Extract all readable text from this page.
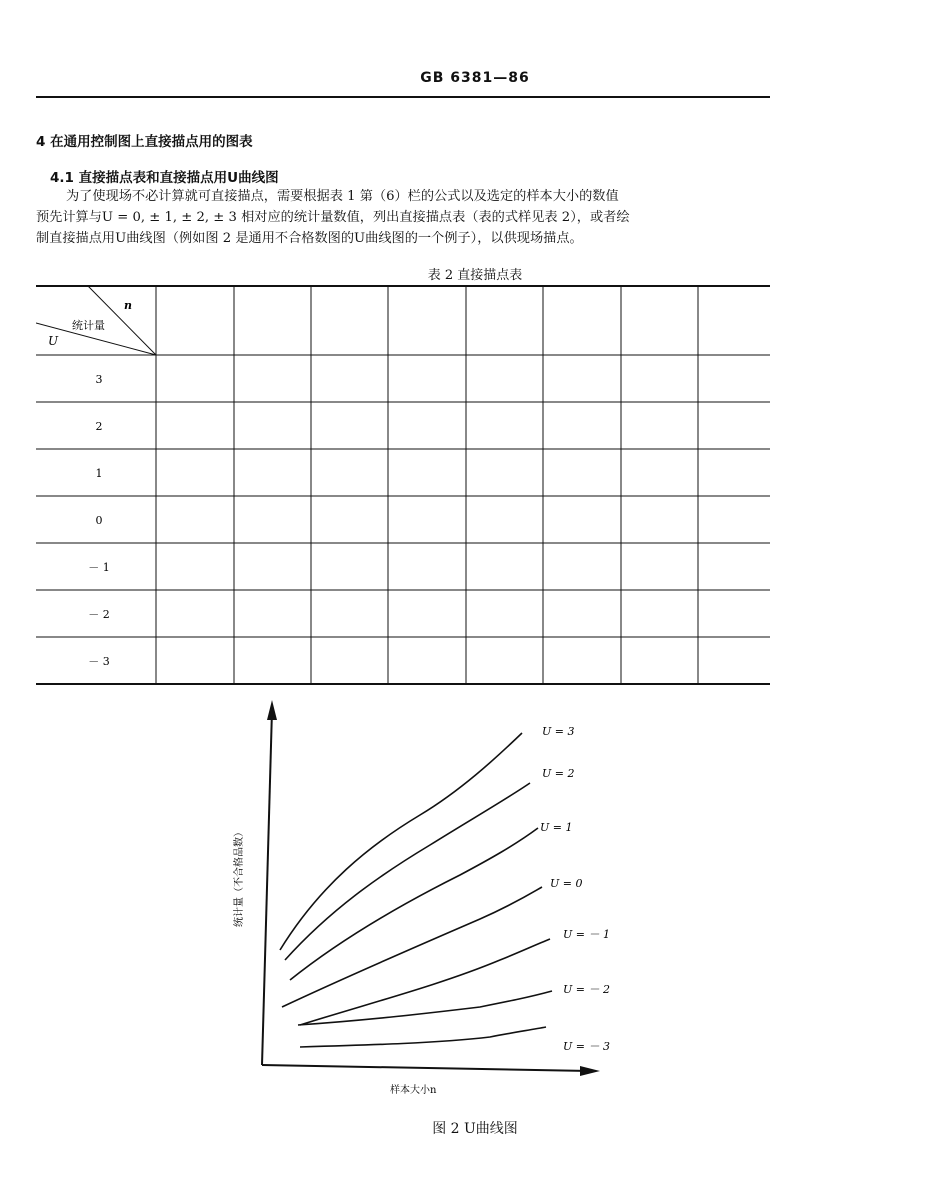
GB 6381—86
4 在通用控制图上直接描点用的图表
4.1 直接描点表和直接描点用U曲线图

为了使现场不必计算就可直接描点，需要根据表 1 第（6）栏的公式以及选定的样本大小的数值

预先计算与U = 0, ± 1, ± 2, ± 3 相对应的统计量数值，列出直接描点表（表的式样见表 2），或者绘

制直接描点用U曲线图（例如图 2 是通用不合格数图的U曲线图的一个例子），以供现场描点。

表 2 直接描点表
n
统计量
U
3
2
1
0
－ 1
－ 2
－ 3
U = 3
U = 2
U = 1
U = 0
U = － 1
U = － 2
U = － 3
统计量（不合格品数）
样本大小n
图 2 U曲线图
